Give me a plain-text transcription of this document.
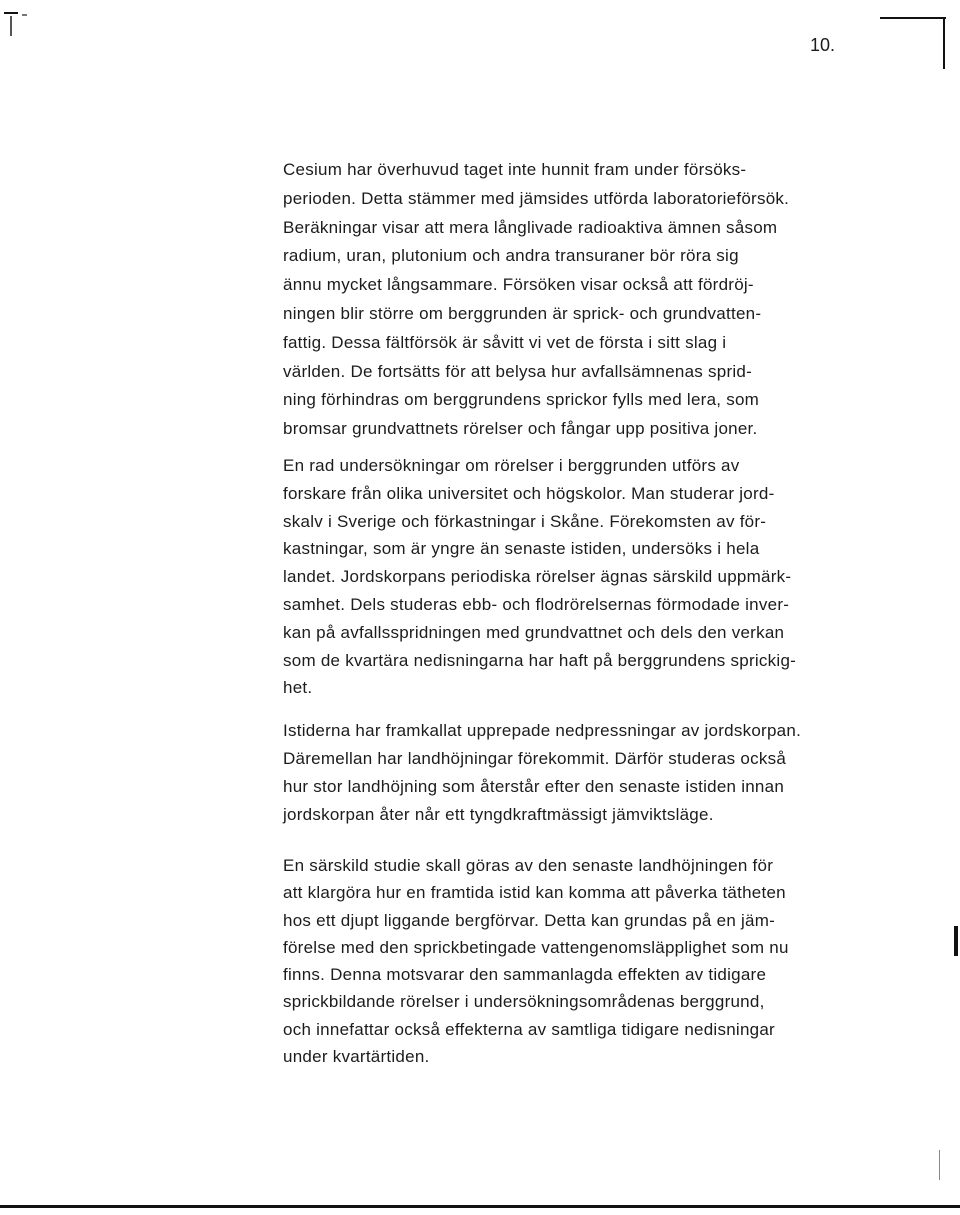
10.
Cesium har överhuvud taget inte hunnit fram under försöks-
perioden. Detta stämmer med jämsides utförda laboratorieförsök.
Beräkningar visar att mera långlivade radioaktiva ämnen såsom
radium, uran, plutonium och andra transuraner bör röra sig
ännu mycket långsammare. Försöken visar också att fördröj-
ningen blir större om berggrunden är sprick- och grundvatten-
fattig. Dessa fältförsök är såvitt vi vet de första i sitt slag i
världen. De fortsätts för att belysa hur avfallsämnenas sprid-
ning förhindras om berggrundens sprickor fylls med lera, som
bromsar grundvattnets rörelser och fångar upp positiva joner.
En rad undersökningar om rörelser i berggrunden utförs av
forskare från olika universitet och högskolor. Man studerar jord-
skalv i Sverige och förkastningar i Skåne. Förekomsten av för-
kastningar, som är yngre än senaste istiden, undersöks i hela
landet. Jordskorpans periodiska rörelser ägnas särskild uppmärk-
samhet. Dels studeras ebb- och flodrörelsernas förmodade inver-
kan på avfallsspridningen med grundvattnet och dels den verkan
som de kvartära nedisningarna har haft på berggrundens sprickig-
het.
Istiderna har framkallat upprepade nedpressningar av jordskorpan.
Däremellan har landhöjningar förekommit. Därför studeras också
hur stor landhöjning som återstår efter den senaste istiden innan
jordskorpan åter når ett tyngdkraftmässigt jämviktsläge.
En särskild studie skall göras av den senaste landhöjningen för
att klargöra hur en framtida istid kan komma att påverka tätheten
hos ett djupt liggande bergförvar. Detta kan grundas på en jäm-
förelse med den sprickbetingade vattengenomsläpplighet som nu
finns. Denna motsvarar den sammanlagda effekten av tidigare
sprickbildande rörelser i undersökningsområdenas berggrund,
och innefattar också effekterna av samtliga tidigare nedisningar
under kvartärtiden.
